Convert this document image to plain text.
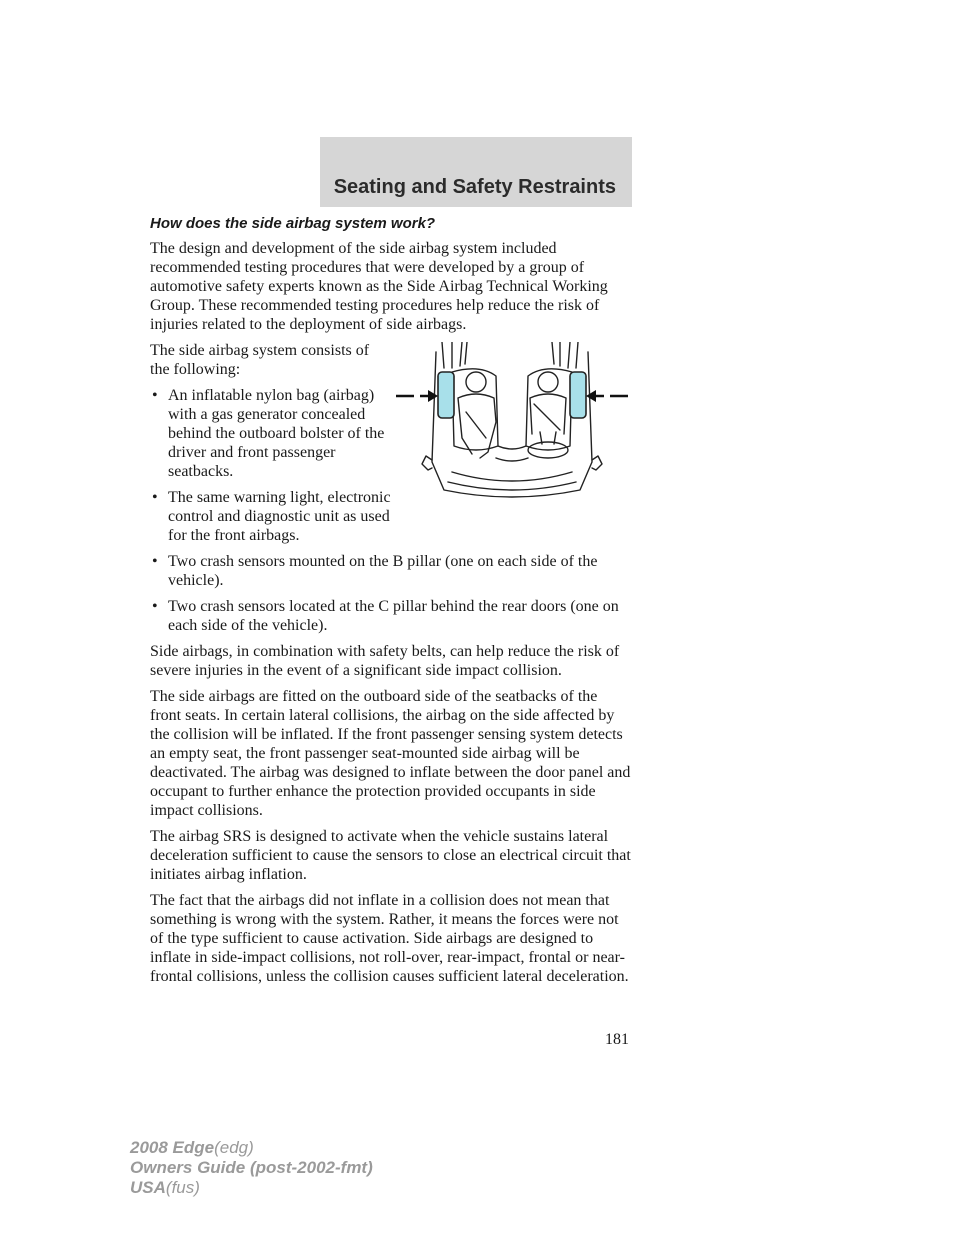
Seating and Safety Restraints
How does the side airbag system work?

The design and development of the side airbag system included recommended testing procedures that were developed by a group of automotive safety experts known as the Side Airbag Technical Working Group. These recommended testing procedures help reduce the risk of injuries related to the deployment of side airbags.

The side airbag system consists of the following:

• An inflatable nylon bag (airbag) with a gas generator concealed behind the outboard bolster of the driver and front passenger seatbacks.
• The same warning light, electronic control and diagnostic unit as used for the front airbags.
• Two crash sensors mounted on the B pillar (one on each side of the vehicle).
• Two crash sensors located at the C pillar behind the rear doors (one on each side of the vehicle).

Side airbags, in combination with safety belts, can help reduce the risk of severe injuries in the event of a significant side impact collision.

The side airbags are fitted on the outboard side of the seatbacks of the front seats. In certain lateral collisions, the airbag on the side affected by the collision will be inflated. If the front passenger sensing system detects an empty seat, the front passenger seat-mounted side airbag will be deactivated. The airbag was designed to inflate between the door panel and occupant to further enhance the protection provided occupants in side impact collisions.

The airbag SRS is designed to activate when the vehicle sustains lateral deceleration sufficient to cause the sensors to close an electrical circuit that initiates airbag inflation.

The fact that the airbags did not inflate in a collision does not mean that something is wrong with the system. Rather, it means the forces were not of the type sufficient to cause activation. Side airbags are designed to inflate in side-impact collisions, not roll-over, rear-impact, frontal or near-frontal collisions, unless the collision causes sufficient lateral deceleration.

181
2008 Edge(edg)
Owners Guide (post-2002-fmt)
USA(fus)
